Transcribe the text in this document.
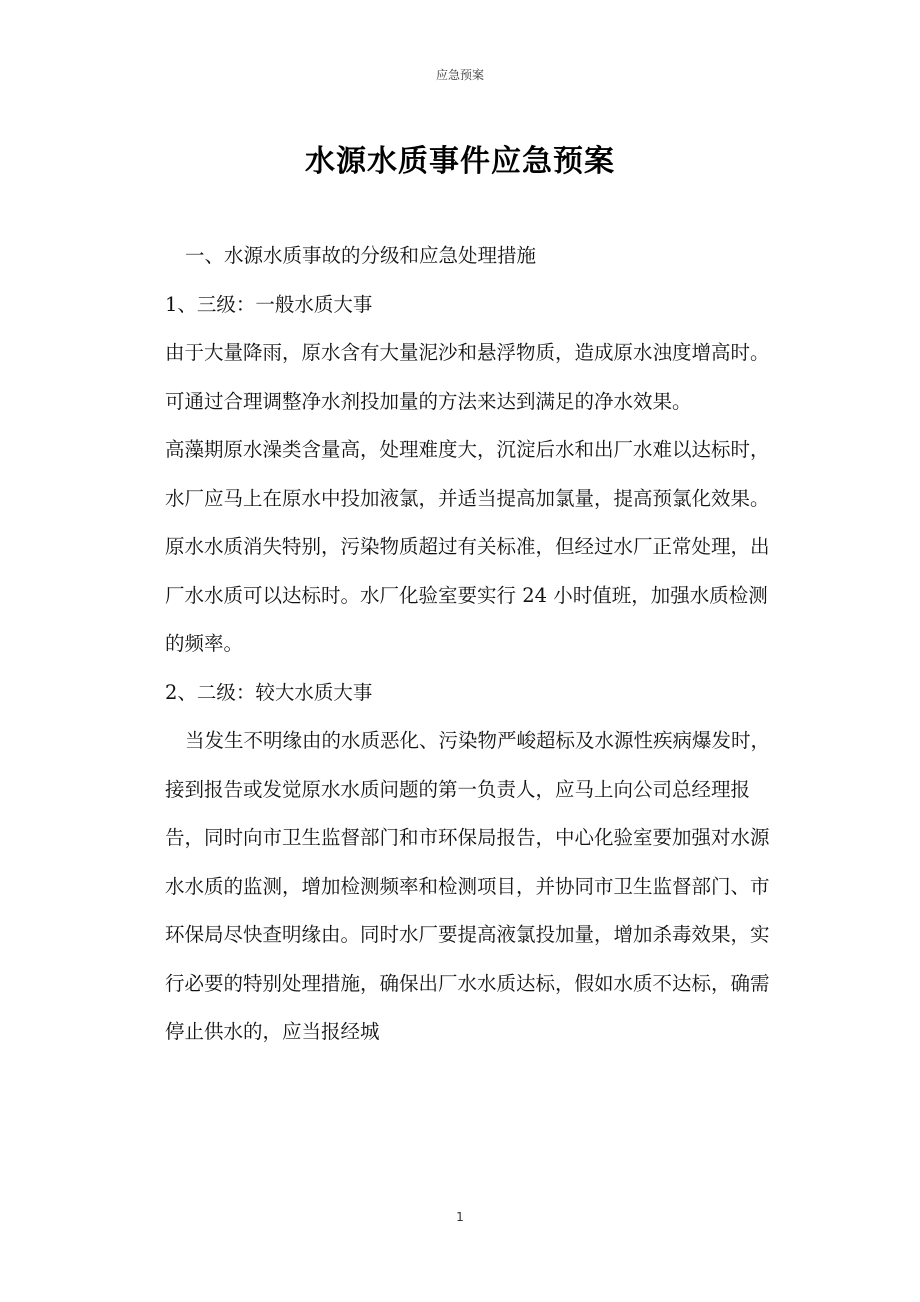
应急预案
水源水质事件应急预案

一、水源水质事故的分级和应急处理措施

1、三级：一般水质大事

由于大量降雨，原水含有大量泥沙和悬浮物质，造成原水浊度增高时。可通过合理调整净水剂投加量的方法来达到满足的净水效果。

高藻期原水澡类含量高，处理难度大，沉淀后水和出厂水难以达标时，水厂应马上在原水中投加液氯，并适当提高加氯量，提高预氯化效果。

原水水质消失特别，污染物质超过有关标准，但经过水厂正常处理，出厂水水质可以达标时。水厂化验室要实行 24 小时值班，加强水质检测的频率。

2、二级：较大水质大事

当发生不明缘由的水质恶化、污染物严峻超标及水源性疾病爆发时，接到报告或发觉原水水质问题的第一负责人，应马上向公司总经理报告，同时向市卫生监督部门和市环保局报告，中心化验室要加强对水源水水质的监测，增加检测频率和检测项目，并协同市卫生监督部门、市环保局尽快查明缘由。同时水厂要提高液氯投加量，增加杀毒效果，实行必要的特别处理措施，确保出厂水水质达标，假如水质不达标，确需停止供水的，应当报经城

1
